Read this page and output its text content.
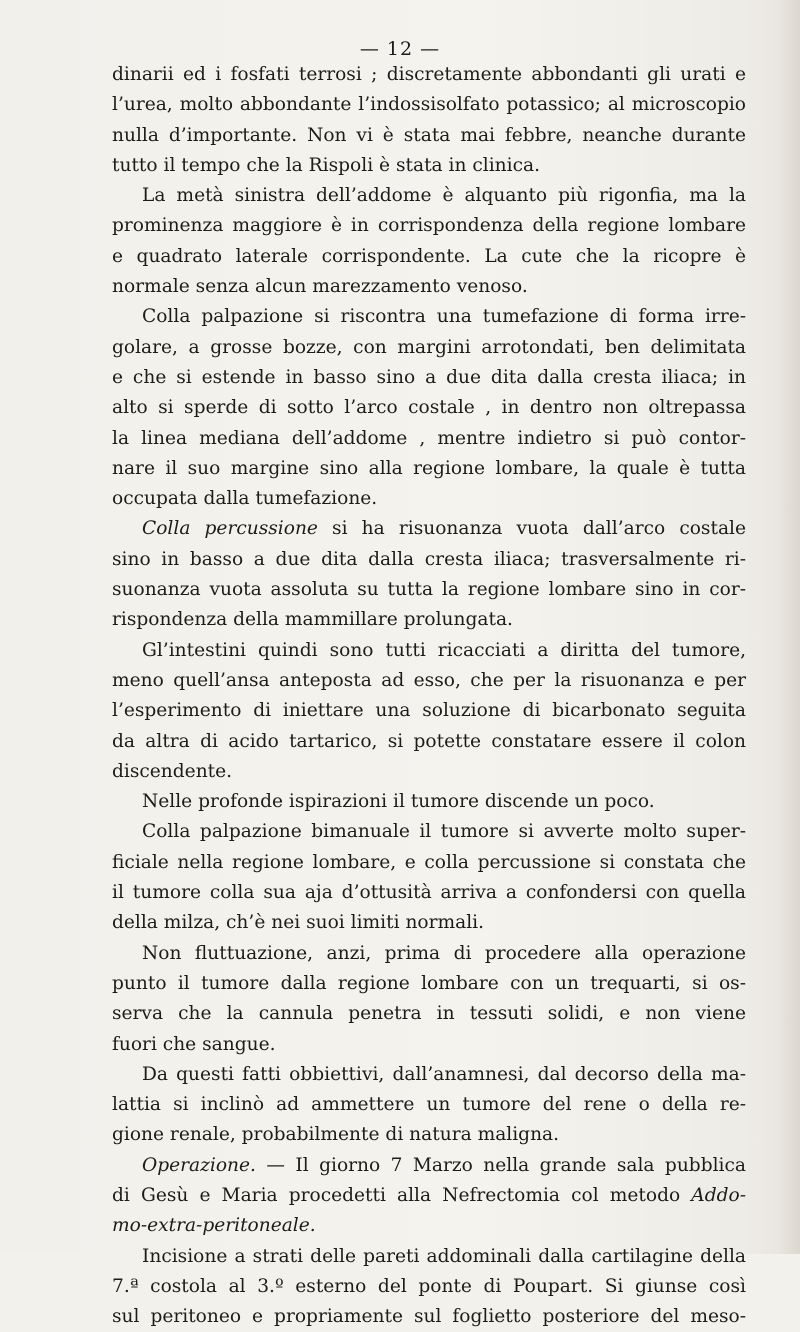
— 12 —
dinarii ed i fosfati terrosi ; discretamente abbondanti gli urati e
l’urea, molto abbondante l’indossisolfato potassico; al microscopio
nulla d’importante. Non vi è stata mai febbre, neanche durante
tutto il tempo che la Rispoli è stata in clinica.
La metà sinistra dell’addome è alquanto più rigonfia, ma la
prominenza maggiore è in corrispondenza della regione lombare
e quadrato laterale corrispondente. La cute che la ricopre è
normale senza alcun marezzamento venoso.
Colla palpazione si riscontra una tumefazione di forma irre-
golare, a grosse bozze, con margini arrotondati, ben delimitata
e che si estende in basso sino a due dita dalla cresta iliaca; in
alto si sperde di sotto l’arco costale , in dentro non oltrepassa
la linea mediana dell’addome , mentre indietro si può contor-
nare il suo margine sino alla regione lombare, la quale è tutta
occupata dalla tumefazione.
Colla percussione si ha risuonanza vuota dall’arco costale
sino in basso a due dita dalla cresta iliaca; trasversalmente ri-
suonanza vuota assoluta su tutta la regione lombare sino in cor-
rispondenza della mammillare prolungata.
Gl’intestini quindi sono tutti ricacciati a diritta del tumore,
meno quell’ansa anteposta ad esso, che per la risuonanza e per
l’esperimento di iniettare una soluzione di bicarbonato seguita
da altra di acido tartarico, si potette constatare essere il colon
discendente.
Nelle profonde ispirazioni il tumore discende un poco.
Colla palpazione bimanuale il tumore si avverte molto super-
ficiale nella regione lombare, e colla percussione si constata che
il tumore colla sua aja d’ottusità arriva a confondersi con quella
della milza, ch’è nei suoi limiti normali.
Non fluttuazione, anzi, prima di procedere alla operazione
punto il tumore dalla regione lombare con un trequarti, si os-
serva che la cannula penetra in tessuti solidi, e non viene
fuori che sangue.
Da questi fatti obbiettivi, dall’anamnesi, dal decorso della ma-
lattia si inclinò ad ammettere un tumore del rene o della re-
gione renale, probabilmente di natura maligna.
Operazione. — Il giorno 7 Marzo nella grande sala pubblica
di Gesù e Maria procedetti alla Nefrectomia col metodo Addo-
mo-extra-peritoneale.
Incisione a strati delle pareti addominali dalla cartilagine della
7.ª costola al 3.º esterno del ponte di Poupart. Si giunse così
sul peritoneo e propriamente sul foglietto posteriore del meso-
